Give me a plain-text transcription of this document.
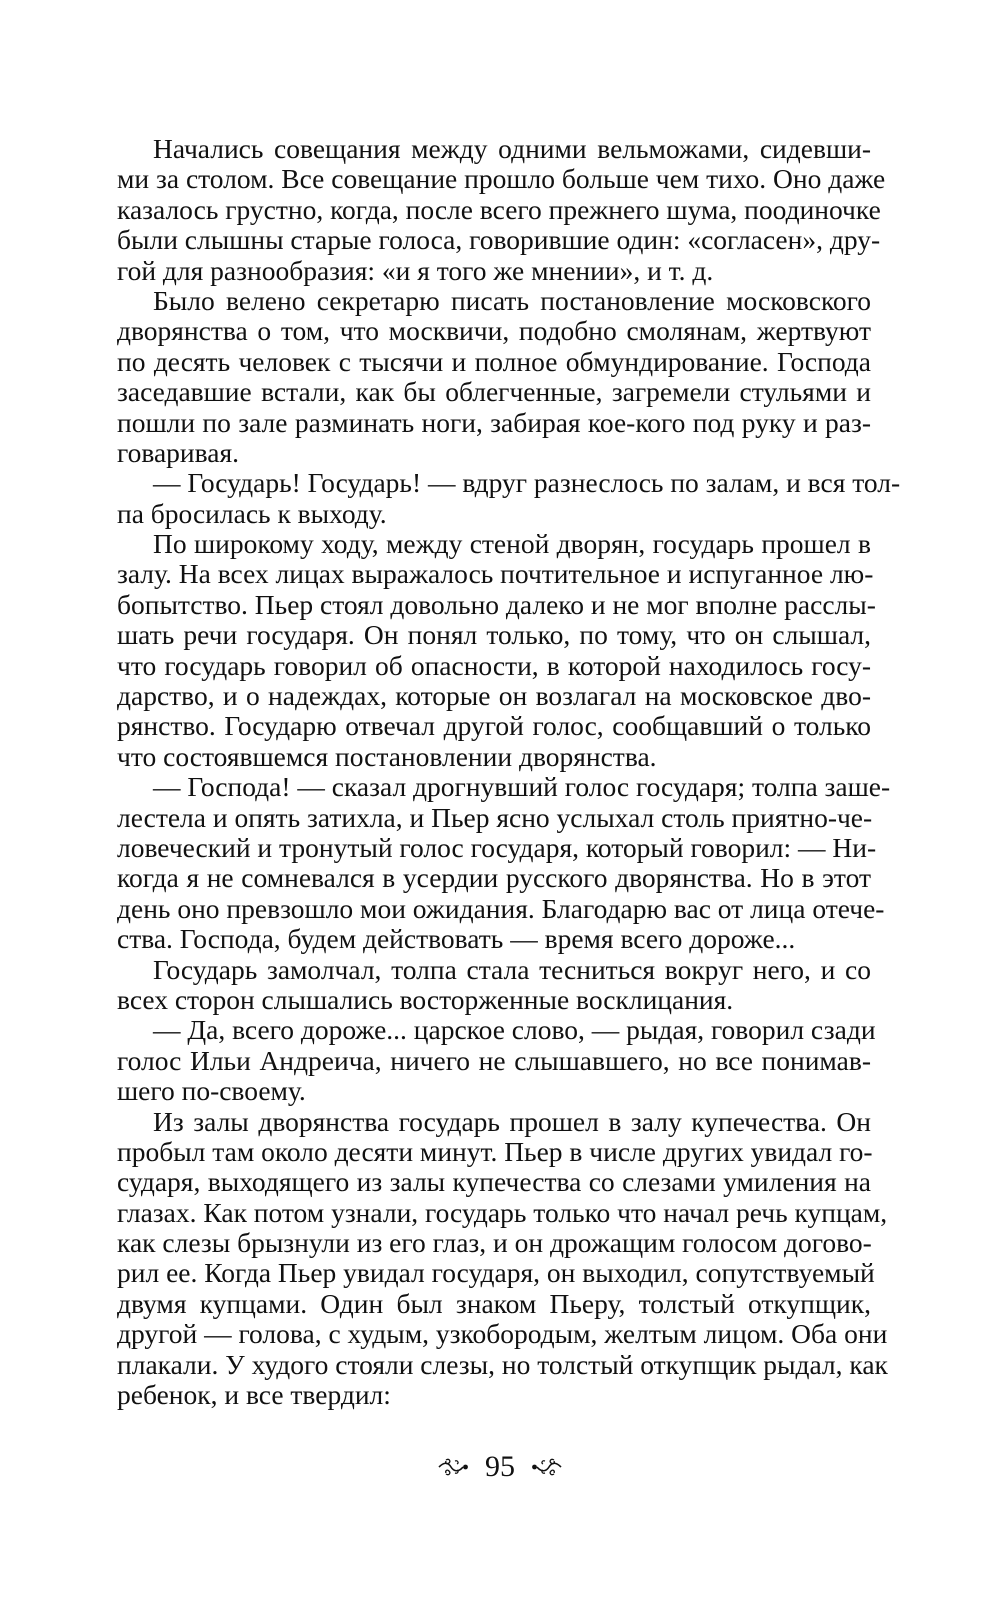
Начались совещания между одними вельможами, сидевши-
ми за столом. Все совещание прошло больше чем тихо. Оно даже
казалось грустно, когда, после всего прежнего шума, поодиночке
были слышны старые голоса, говорившие один: «согласен», дру-
гой для разнообразия: «и я того же мнении», и т. д.

Было велено секретарю писать постановление московского
дворянства о том, что москвичи, подобно смолянам, жертвуют
по десять человек с тысячи и полное обмундирование. Господа
заседавшие встали, как бы облегченные, загремели стульями и
пошли по зале разминать ноги, забирая кое-кого под руку и раз-
говаривая.

— Государь! Государь! — вдруг разнеслось по залам, и вся тол-
па бросилась к выходу.

По широкому ходу, между стеной дворян, государь прошел в
залу. На всех лицах выражалось почтительное и испуганное лю-
бопытство. Пьер стоял довольно далеко и не мог вполне расслы-
шать речи государя. Он понял только, по тому, что он слышал,
что государь говорил об опасности, в которой находилось госу-
дарство, и о надеждах, которые он возлагал на московское дво-
рянство. Государю отвечал другой голос, сообщавший о только
что состоявшемся постановлении дворянства.

— Господа! — сказал дрогнувший голос государя; толпа заше-
лестела и опять затихла, и Пьер ясно услыхал столь приятно-че-
ловеческий и тронутый голос государя, который говорил: — Ни-
когда я не сомневался в усердии русского дворянства. Но в этот
день оно превзошло мои ожидания. Благодарю вас от лица отече-
ства. Господа, будем действовать — время всего дороже...

Государь замолчал, толпа стала тесниться вокруг него, и со
всех сторон слышались восторженные восклицания.

— Да, всего дороже... царское слово, — рыдая, говорил сзади
голос Ильи Андреича, ничего не слышавшего, но все понимав-
шего по-своему.

Из залы дворянства государь прошел в залу купечества. Он
пробыл там около десяти минут. Пьер в числе других увидал го-
сударя, выходящего из залы купечества со слезами умиления на
глазах. Как потом узнали, государь только что начал речь купцам,
как слезы брызнули из его глаз, и он дрожащим голосом догово-
рил ее. Когда Пьер увидал государя, он выходил, сопутствуемый
двумя купцами. Один был знаком Пьеру, толстый откупщик,
другой — голова, с худым, узкобородым, желтым лицом. Оба они
плакали. У худого стояли слезы, но толстый откупщик рыдал, как
ребенок, и все твердил:

95
